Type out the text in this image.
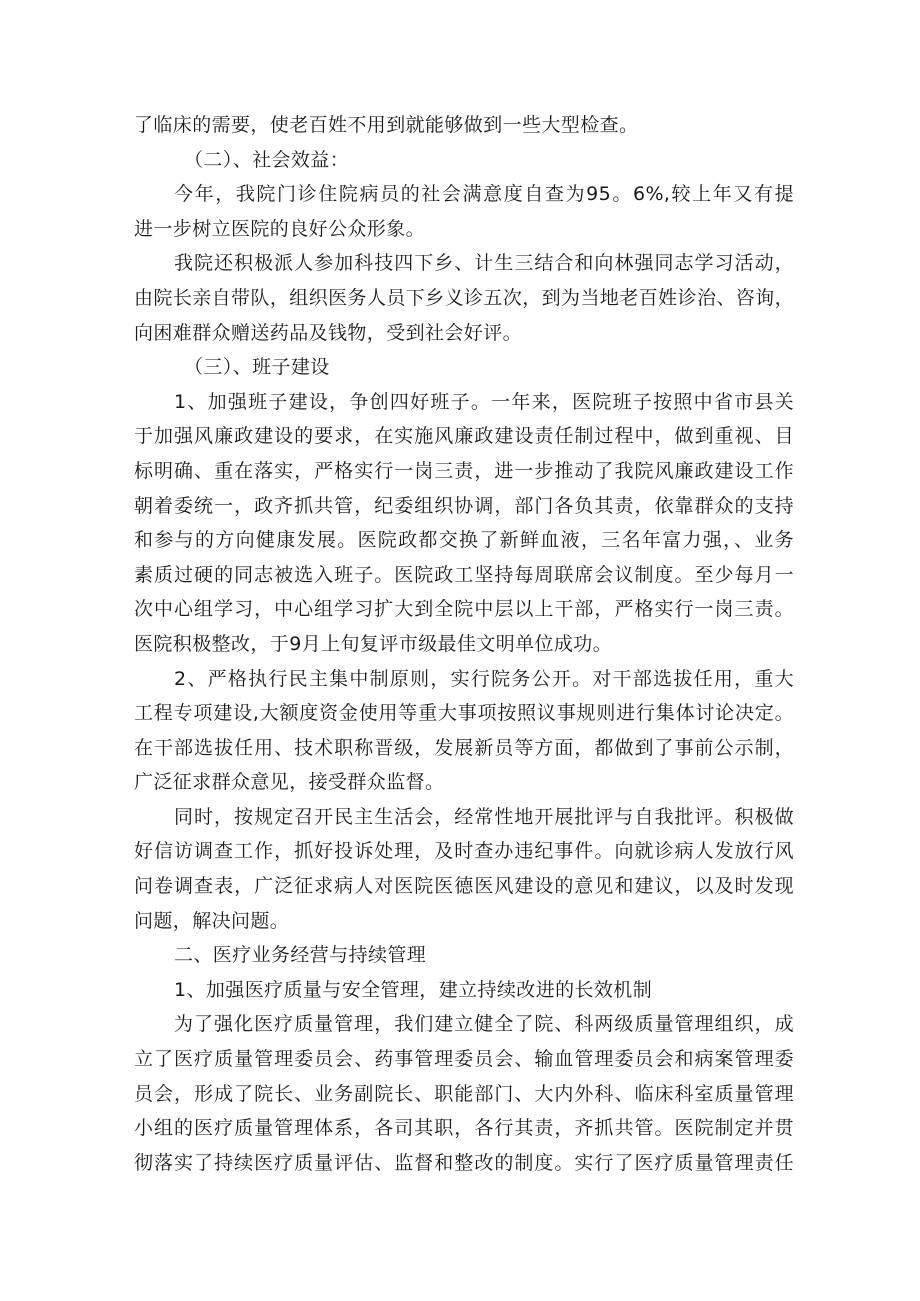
了临床的需要，使老百姓不用到就能够做到一些大型检查。
（二）、社会效益：
今年，我院门诊住院病员的社会满意度自查为95。6%,较上年又有提
进一步树立医院的良好公众形象。
我院还积极派人参加科技四下乡、计生三结合和向林强同志学习活动，
由院长亲自带队，组织医务人员下乡义诊五次，到为当地老百姓诊治、咨询，
向困难群众赠送药品及钱物，受到社会好评。
（三）、班子建设
1、加强班子建设，争创四好班子。一年来，医院班子按照中省市县关
于加强风廉政建设的要求，在实施风廉政建设责任制过程中，做到重视、目
标明确、重在落实，严格实行一岗三责，进一步推动了我院风廉政建设工作
朝着委统一，政齐抓共管，纪委组织协调，部门各负其责，依靠群众的支持
和参与的方向健康发展。医院政都交换了新鲜血液，三名年富力强，、业务
素质过硬的同志被选入班子。医院政工坚持每周联席会议制度。至少每月一
次中心组学习，中心组学习扩大到全院中层以上干部，严格实行一岗三责。
医院积极整改，于9月上旬复评市级最佳文明单位成功。
2、严格执行民主集中制原则，实行院务公开。对干部选拔任用，重大
工程专项建设,大额度资金使用等重大事项按照议事规则进行集体讨论决定。
在干部选拔任用、技术职称晋级，发展新员等方面，都做到了事前公示制，
广泛征求群众意见，接受群众监督。
同时，按规定召开民主生活会，经常性地开展批评与自我批评。积极做
好信访调查工作，抓好投诉处理，及时查办违纪事件。向就诊病人发放行风
问卷调查表，广泛征求病人对医院医德医风建设的意见和建议，以及时发现
问题，解决问题。
二、医疗业务经营与持续管理
1、加强医疗质量与安全管理，建立持续改进的长效机制
为了强化医疗质量管理，我们建立健全了院、科两级质量管理组织，成
立了医疗质量管理委员会、药事管理委员会、输血管理委员会和病案管理委
员会，形成了院长、业务副院长、职能部门、大内外科、临床科室质量管理
小组的医疗质量管理体系，各司其职，各行其责，齐抓共管。医院制定并贯
彻落实了持续医疗质量评估、监督和整改的制度。实行了医疗质量管理责任
